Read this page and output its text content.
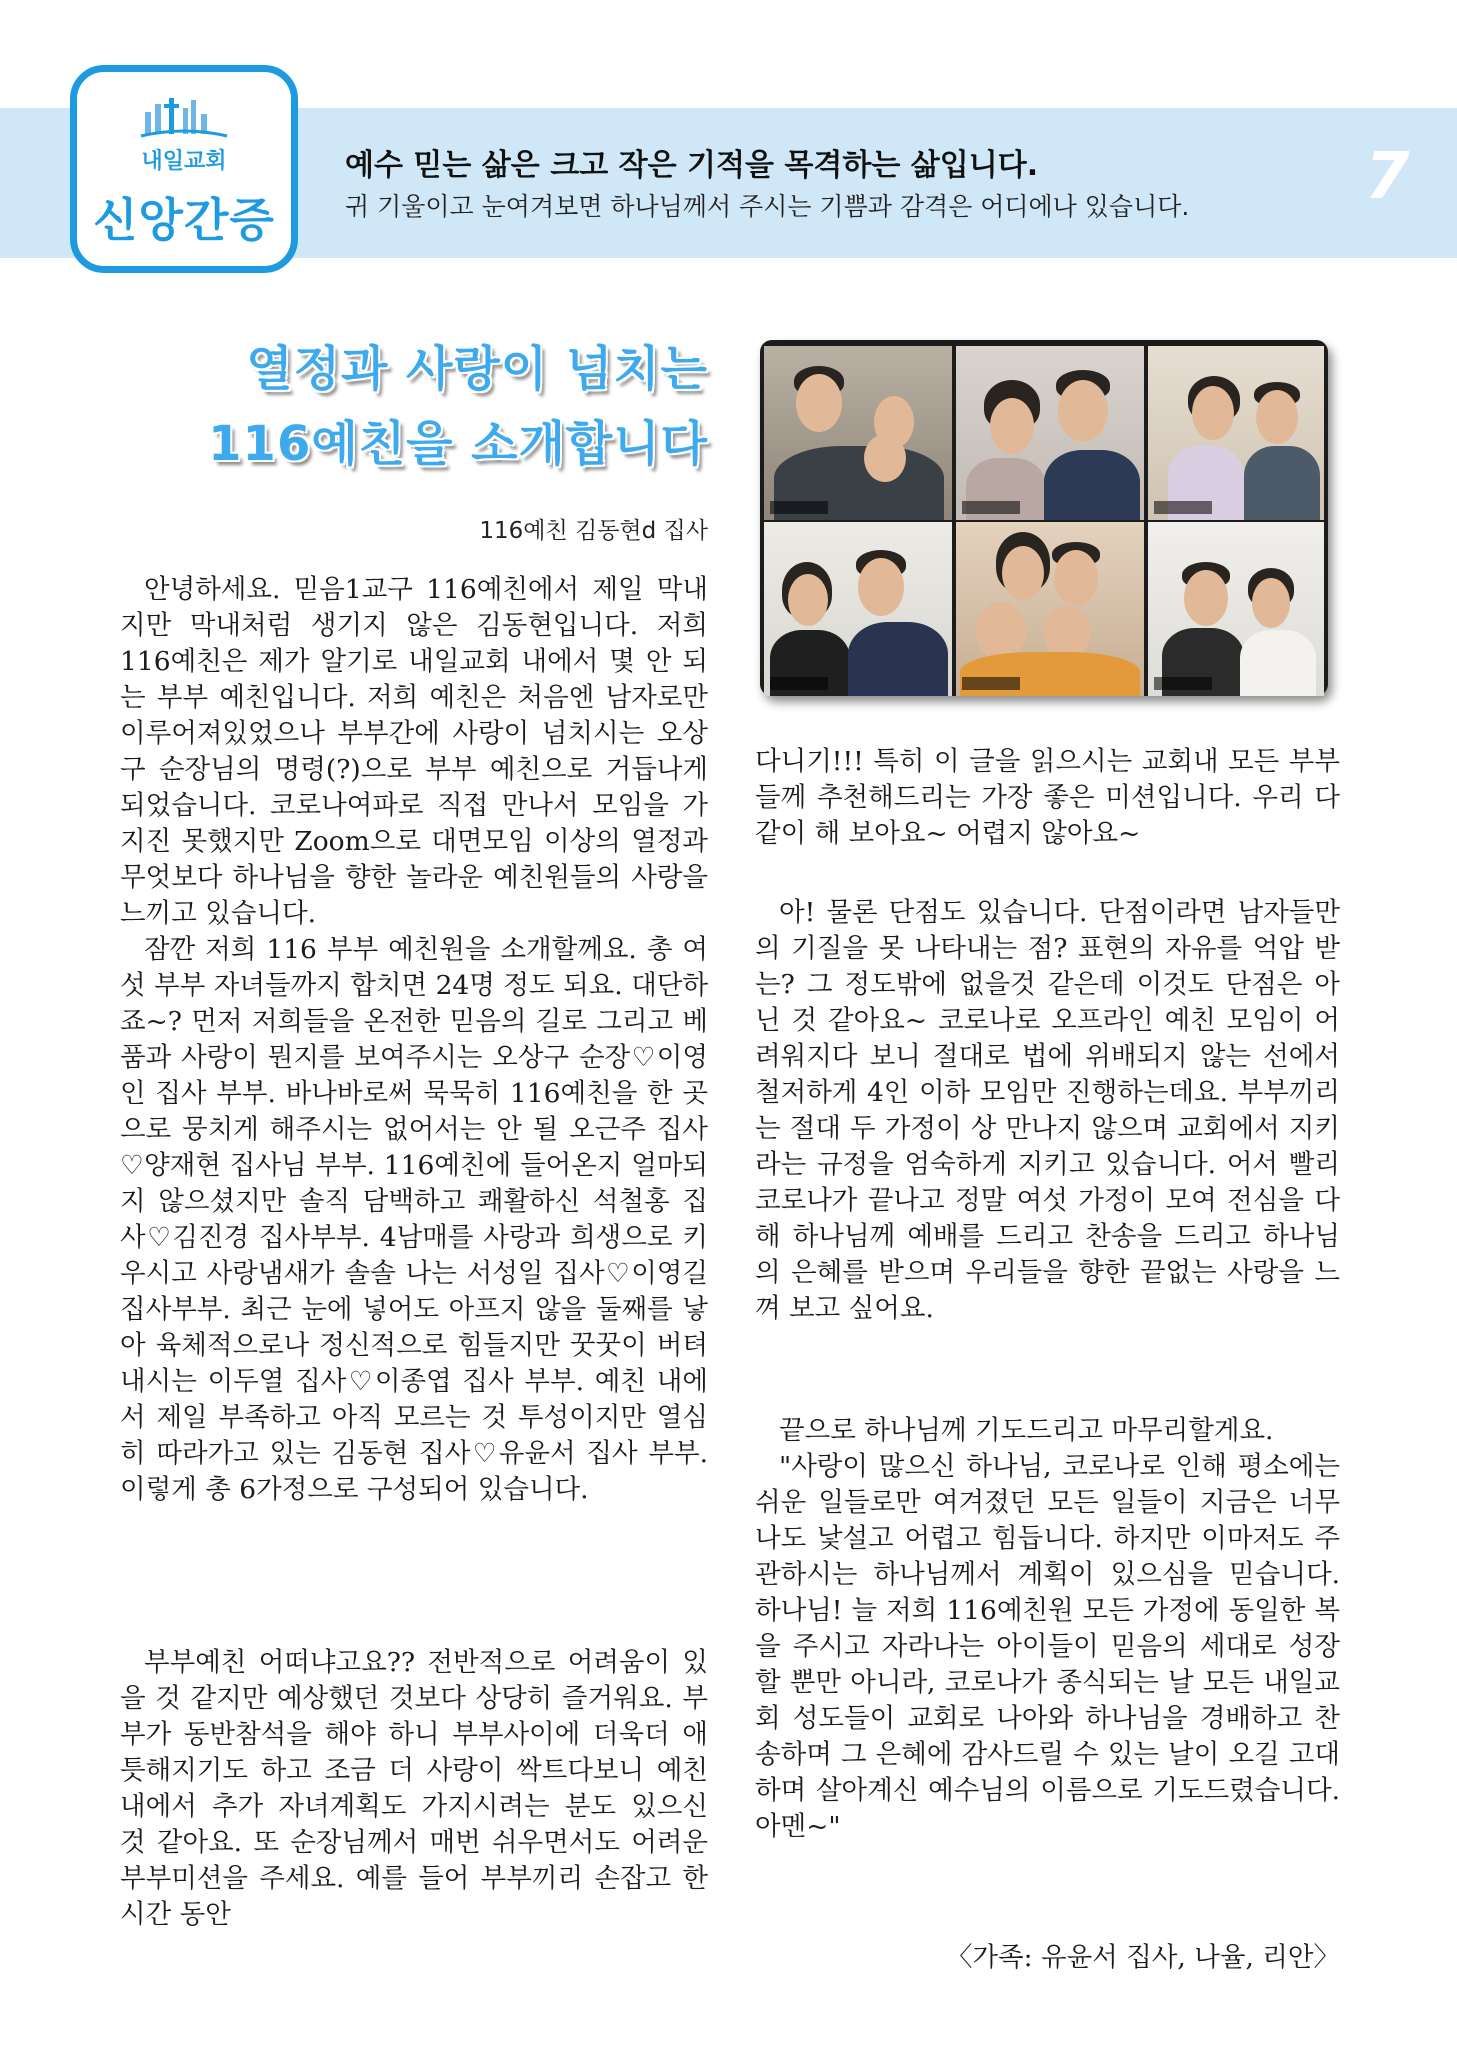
내일교회
신앙간증
예수 믿는 삶은 크고 작은 기적을 목격하는 삶입니다.
귀 기울이고 눈여겨보면 하나님께서 주시는 기쁨과 감격은 어디에나 있습니다.	7
열정과 사랑이 넘치는
116예친을 소개합니다
116예친 김동현d 집사

안녕하세요. 믿음1교구 116예친에서 제일 막내지만 막내처럼 생기지 않은 김동현입니다. 저희 116예친은 제가 알기로 내일교회 내에서 몇 안 되는 부부 예친입니다. 저희 예친은 처음엔 남자로만 이루어져있었으나 부부간에 사랑이 넘치시는 오상구 순장님의 명령(?)으로 부부 예친으로 거듭나게 되었습니다. 코로나여파로 직접 만나서 모임을 가지진 못했지만 Zoom으로 대면모임 이상의 열정과 무엇보다 하나님을 향한 놀라운 예친원들의 사랑을 느끼고 있습니다.

잠깐 저희 116 부부 예친원을 소개할께요. 총 여섯 부부 자녀들까지 합치면 24명 정도 되요. 대단하죠~? 먼저 저희들을 온전한 믿음의 길로 그리고 베품과 사랑이 뭔지를 보여주시는 오상구 순장♡이영인 집사 부부. 바나바로써 묵묵히 116예친을 한 곳으로 뭉치게 해주시는 없어서는 안 될 오근주 집사♡양재현 집사님 부부. 116예친에 들어온지 얼마되지 않으셨지만 솔직 담백하고 쾌활하신 석철홍 집사♡김진경 집사부부. 4남매를 사랑과 희생으로 키우시고 사랑냄새가 솔솔 나는 서성일 집사♡이영길 집사부부. 최근 눈에 넣어도 아프지 않을 둘째를 낳아 육체적으로나 정신적으로 힘들지만 꿋꿋이 버텨내시는 이두열 집사♡이종엽 집사 부부. 예친 내에서 제일 부족하고 아직 모르는 것 투성이지만 열심히 따라가고 있는 김동현 집사♡유윤서 집사 부부. 이렇게 총 6가정으로 구성되어 있습니다.

부부예친 어떠냐고요?? 전반적으로 어려움이 있을 것 같지만 예상했던 것보다 상당히 즐거워요. 부부가 동반참석을 해야 하니 부부사이에 더욱더 애틋해지기도 하고 조금 더 사랑이 싹트다보니 예친 내에서 추가 자녀계획도 가지시려는 분도 있으신 것 같아요. 또 순장님께서 매번 쉬우면서도 어려운 부부미션을 주세요. 예를 들어 부부끼리 손잡고 한 시간 동안

다니기!!! 특히 이 글을 읽으시는 교회내 모든 부부들께 추천해드리는 가장 좋은 미션입니다. 우리 다 같이 해 보아요~ 어렵지 않아요~

아! 물론 단점도 있습니다. 단점이라면 남자들만의 기질을 못 나타내는 점? 표현의 자유를 억압 받는? 그 정도밖에 없을것 같은데 이것도 단점은 아닌 것 같아요~ 코로나로 오프라인 예친 모임이 어려워지다 보니 절대로 법에 위배되지 않는 선에서 철저하게 4인 이하 모임만 진행하는데요. 부부끼리는 절대 두 가정이 상 만나지 않으며 교회에서 지키라는 규정을 엄숙하게 지키고 있습니다. 어서 빨리 코로나가 끝나고 정말 여섯 가정이 모여 전심을 다해 하나님께 예배를 드리고 찬송을 드리고 하나님의 은혜를 받으며 우리들을 향한 끝없는 사랑을 느껴 보고 싶어요.

끝으로 하나님께 기도드리고 마무리할게요.

"사랑이 많으신 하나님, 코로나로 인해 평소에는 쉬운 일들로만 여겨졌던 모든 일들이 지금은 너무나도 낯설고 어렵고 힘듭니다. 하지만 이마저도 주관하시는 하나님께서 계획이 있으심을 믿습니다. 하나님! 늘 저희 116예친원 모든 가정에 동일한 복을 주시고 자라나는 아이들이 믿음의 세대로 성장할 뿐만 아니라, 코로나가 종식되는 날 모든 내일교회 성도들이 교회로 나아와 하나님을 경배하고 찬송하며 그 은혜에 감사드릴 수 있는 날이 오길 고대하며 살아계신 예수님의 이름으로 기도드렸습니다. 아멘~"

〈가족: 유윤서 집사, 나율, 리안〉
